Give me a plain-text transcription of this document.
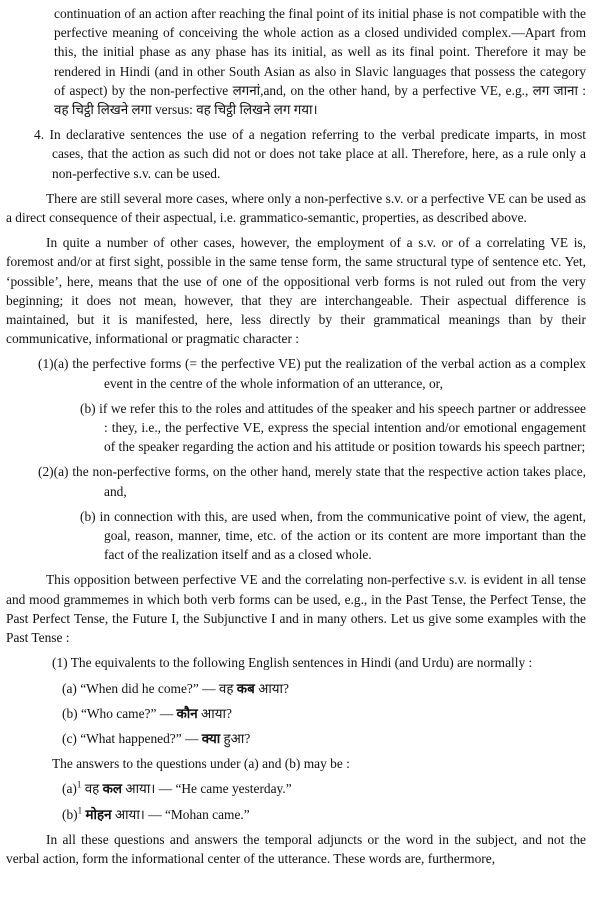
continuation of an action after reaching the final point of its initial phase is not compatible with the perfective meaning of conceiving the whole action as a closed undivided complex.—Apart from this, the initial phase as any phase has its initial, as well as its final point. Therefore it may be rendered in Hindi (and in other South Asian as also in Slavic languages that possess the category of aspect) by the non-perfective लगनां,and, on the other hand, by a perfective VE, e.g., लग जाना : वह चिट्ठी लिखने लगा versus: वह चिट्ठी लिखने लग गया।

4. In declarative sentences the use of a negation referring to the verbal predicate imparts, in most cases, that the action as such did not or does not take place at all. Therefore, here, as a rule only a non-perfective s.v. can be used.

There are still several more cases, where only a non-perfective s.v. or a perfective VE can be used as a direct consequence of their aspectual, i.e. grammatico-semantic, properties, as described above.

In quite a number of other cases, however, the employment of a s.v. or of a correlating VE is, foremost and/or at first sight, possible in the same tense form, the same structural type of sentence etc. Yet, ‘possible’, here, means that the use of one of the oppositional verb forms is not ruled out from the very beginning; it does not mean, however, that they are interchangeable. Their aspectual difference is maintained, but it is manifested, here, less directly by their grammatical meanings than by their communicative, informational or pragmatic character :

(1)(a) the perfective forms (= the perfective VE) put the realization of the verbal action as a complex event in the centre of the whole information of an utterance, or,

(b) if we refer this to the roles and attitudes of the speaker and his speech partner or addressee : they, i.e., the perfective VE, express the special intention and/or emotional engagement of the speaker regarding the action and his attitude or position towards his speech partner;

(2)(a) the non-perfective forms, on the other hand, merely state that the respective action takes place, and,

(b) in connection with this, are used when, from the communicative point of view, the agent, goal, reason, manner, time, etc. of the action or its content are more important than the fact of the realization itself and as a closed whole.

This opposition between perfective VE and the correlating non-perfective s.v. is evident in all tense and mood grammemes in which both verb forms can be used, e.g., in the Past Tense, the Perfect Tense, the Past Perfect Tense, the Future I, the Subjunctive I and in many others. Let us give some examples with the Past Tense :

(1) The equivalents to the following English sentences in Hindi (and Urdu) are normally :

(a) “When did he come?” — वह कब आया?

(b) “Who came?” — कौन आया?

(c) “What happened?” — क्या हुआ?

The answers to the questions under (a) and (b) may be :

$(a)^1$ वह कल आया। — “He came yesterday.”

$(b)^1$ मोहन आया। — “Mohan came.”

In all these questions and answers the temporal adjuncts or the word in the subject, and not the verbal action, form the informational center of the utterance. These words are, furthermore,
